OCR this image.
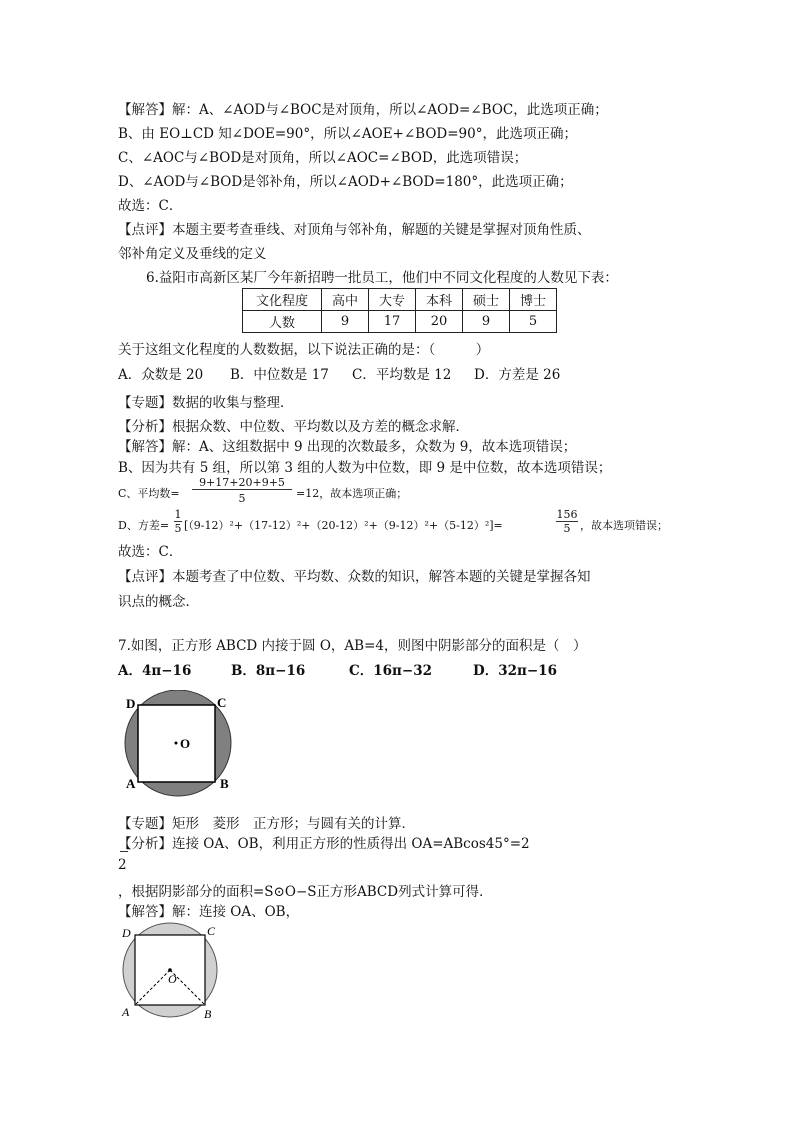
【解答】解：A、∠AOD与∠BOC是对顶角，所以∠AOD=∠BOC，此选项正确；
B、由 EO⊥CD 知∠DOE=90°，所以∠AOE+∠BOD=90°，此选项正确；
C、∠AOC与∠BOD是对顶角，所以∠AOC=∠BOD，此选项错误；
D、∠AOD与∠BOD是邻补角，所以∠AOD+∠BOD=180°，此选项正确；
故选：C．
【点评】本题主要考查垂线、对顶角与邻补角，解题的关键是掌握对顶角性质、
邻补角定义及垂线的定义
6.益阳市高新区某厂今年新招聘一批员工，他们中不同文化程度的人数见下表：
文化程度	高中	大专	本科	硕士	博士
人数	9	17	20	9	5
关于这组文化程度的人数数据，以下说法正确的是：（　　　）
A．众数是 20 B．中位数是 17 C．平均数是 12 D．方差是 26
【专题】数据的收集与整理．
【分析】根据众数、中位数、平均数以及方差的概念求解．
【解答】解：A、这组数据中 9 出现的次数最多，众数为 9，故本选项错误；
B、因为共有 5 组，所以第 3 组的人数为中位数，即 9 是中位数，故本选项错误；
C、平均数=
9+17+20+9+5
5	=12，故本选项正确；
D、方差=
1
5 [（9-12）²+（17-12）²+（20-12）²+（9-12）²+（5-12）²]=
156
5 ，故本选项错误；
故选：C．
【点评】本题考查了中位数、平均数、众数的知识，解答本题的关键是掌握各知
识点的概念．
7.如图，正方形 ABCD 内接于圆 O，AB=4，则图中阴影部分的面积是（　）
A．4π−16	B．8π−16	C．16π−32	D．32π−16
O
D	C
A	B
【专题】矩形　菱形　正方形；与圆有关的计算．
【分析】连接 OA、OB，利用正方形的性质得出 OA=ABcos45°=2
2
，根据阴影部分的面积=S⊙O−S正方形ABCD列式计算可得．
【解答】解：连接 OA、OB，
O
D	C
A	B
